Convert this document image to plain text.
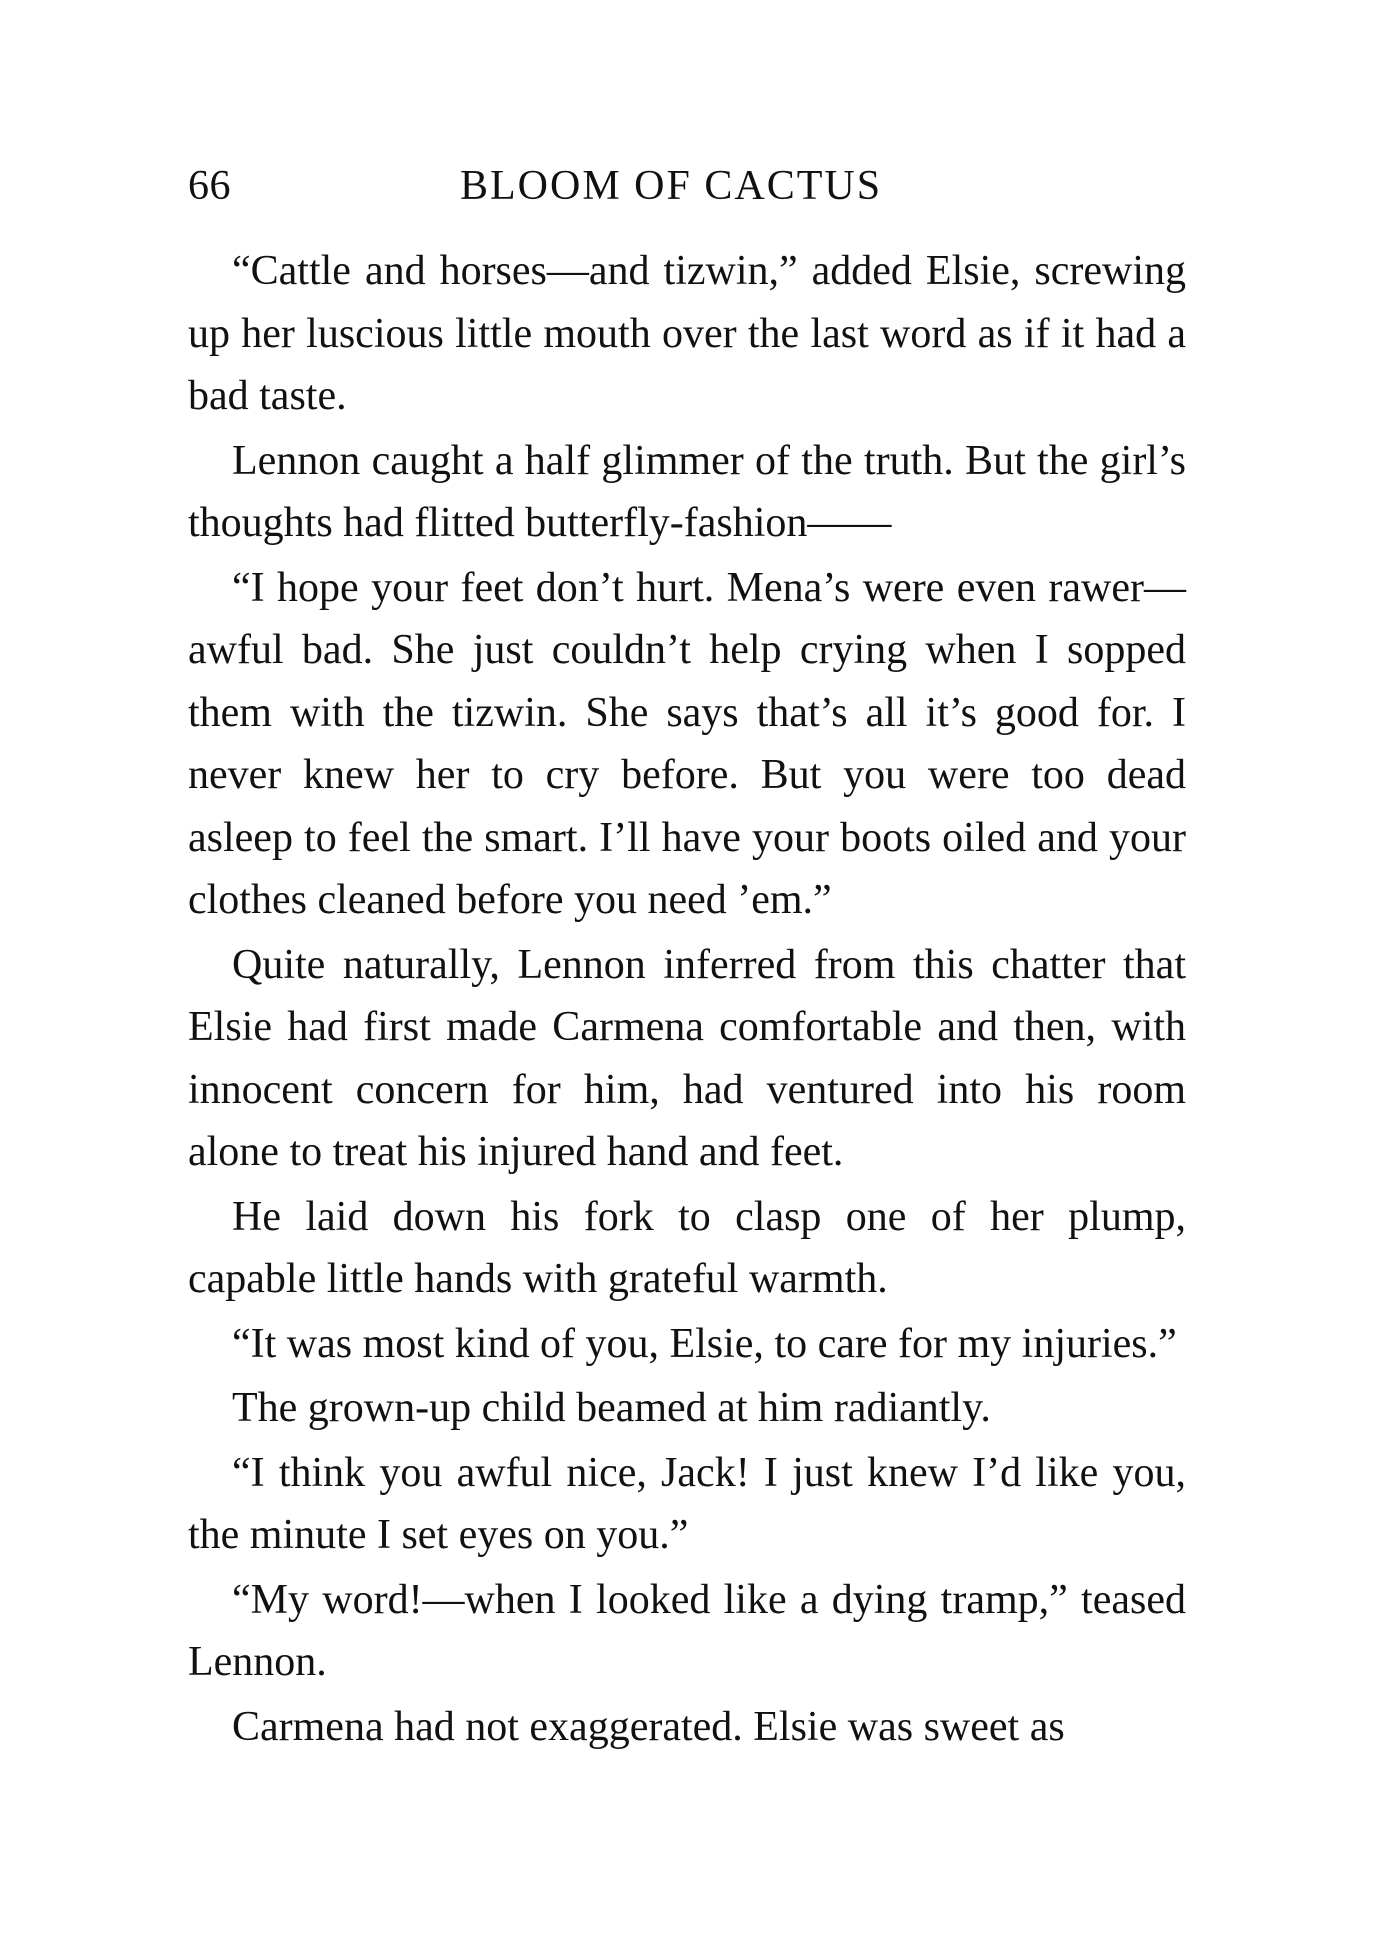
66	BLOOM OF CACTUS

“Cattle and horses—and tizwin,” added Elsie, screwing up her luscious little mouth over the last word as if it had a bad taste.

Lennon caught a half glimmer of the truth. But the girl’s thoughts had flitted butterfly-fashion——

“I hope your feet don’t hurt. Mena’s were even rawer—awful bad. She just couldn’t help crying when I sopped them with the tizwin. She says that’s all it’s good for. I never knew her to cry before. But you were too dead asleep to feel the smart. I’ll have your boots oiled and your clothes cleaned before you need ’em.”

Quite naturally, Lennon inferred from this chatter that Elsie had first made Carmena comfortable and then, with innocent concern for him, had ventured into his room alone to treat his injured hand and feet.

He laid down his fork to clasp one of her plump, capable little hands with grateful warmth.

“It was most kind of you, Elsie, to care for my injuries.”

The grown-up child beamed at him radiantly.

“I think you awful nice, Jack! I just knew I’d like you, the minute I set eyes on you.”

“My word!—when I looked like a dying tramp,” teased Lennon.

Carmena had not exaggerated. Elsie was sweet as
